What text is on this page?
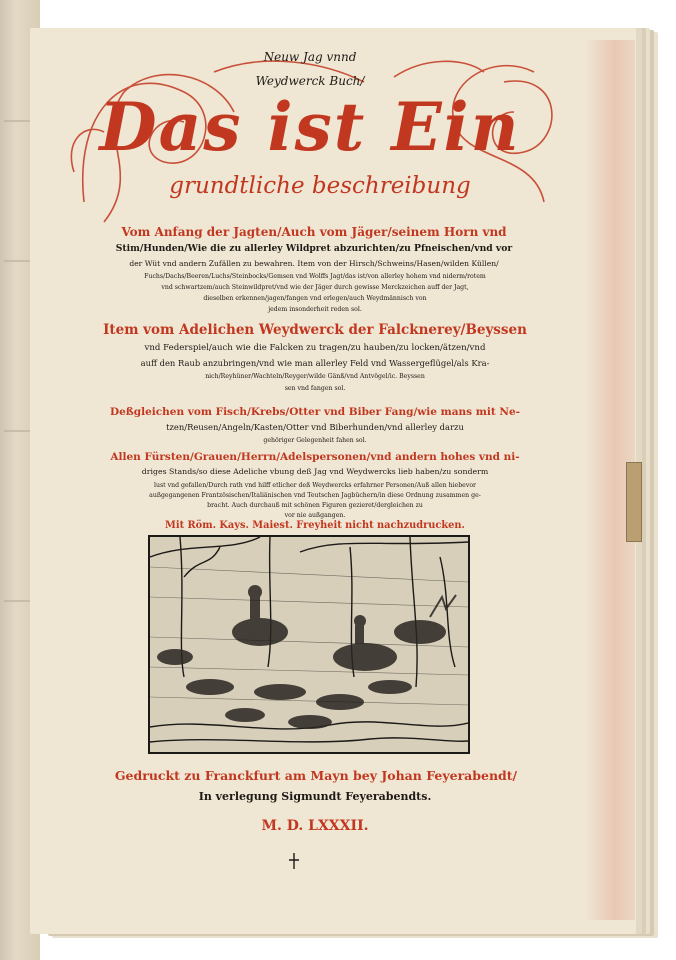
Neuw Jag vnnd
Weydwerck Buch/
Das ist Ein
grundtliche beschreibung
Vom Anfang der Jagten/Auch vom Jäger/seinem Horn vnd
Stim/Hunden/Wie die zu allerley Wildpret abzurichten/zu Pfneischen/vnd vor
der Wüt vnd andern Zufällen zu bewahren. Item von der Hirsch/Schweins/Hasen/wilden Küllen/
Fuchs/Dachs/Beeren/Luchs/Steinbocks/Gemsen vnd Wolffs Jagt/das ist/von allerley hohem vnd niderm/rotem
vnd schwartzem/auch Steinwildpret/vnd wie der Jäger durch gewisse Merckzeichen auff der Jagt,
dieselben erkennen/jagen/fangen vnd erlegen/auch Weydmännisch von
jedem insonderheit reden sol.
Item vom Adelichen Weydwerck der Falcknerey/Beyssen
vnd Federspiel/auch wie die Falcken zu tragen/zu hauben/zu locken/ätzen/vnd
auff den Raub anzubringen/vnd wie man allerley Feld vnd Wassergeflügel/als Kra-
nich/Reyhüner/Wachteln/Reyger/wilde Gänß/vnd Antvögel/ic. Beyssen
sen vnd fangen sol.
Deßgleichen vom Fisch/Krebs/Otter vnd Biber Fang/wie mans mit Ne-
tzen/Reusen/Angeln/Kasten/Otter vnd Biberhunden/vnd allerley darzu
gehöriger Gelegenheit fahen sol.
Allen Fürsten/Grauen/Herrn/Adelspersonen/vnd andern hohes vnd ni-
driges Stands/so diese Adeliche vbung deß Jag vnd Weydwercks lieb haben/zu sonderm
lust vnd gefallen/Durch rath vnd hilff etlicher deß Weydwercks erfahrner Personen/Auß allen hiebevor
außgegangenen Frantzösischen/Italiänischen vnd Teutschen Jagbüchern/in diese Ordnung zusammen ge-
bracht. Auch durchauß mit schönen Figuren gezieret/dergleichen zu
vor nie außgangen.
Mit Röm. Kays. Maiest. Freyheit nicht nachzudrucken.
Gedruckt zu Franckfurt am Mayn bey Johan Feyerabendt/
In verlegung Sigmundt Feyerabendts.
M. D. LXXXII.
